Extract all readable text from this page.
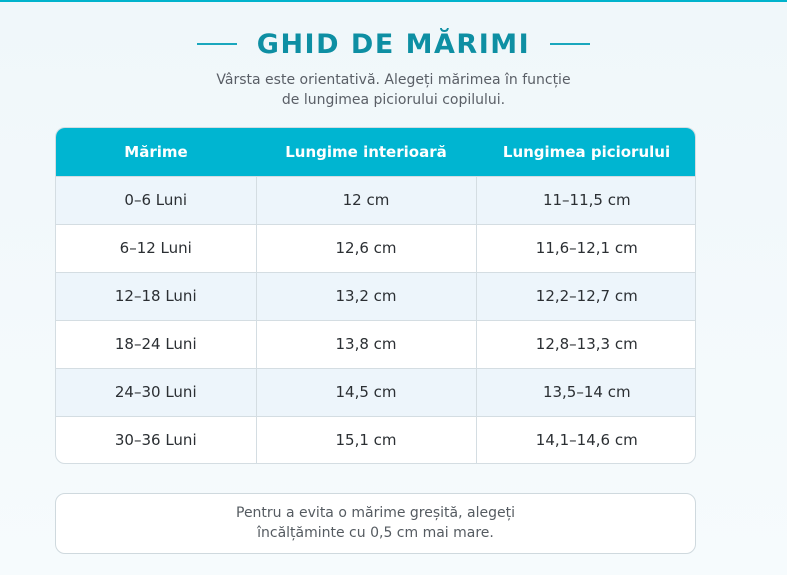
GHID DE MĂRIMI

Vârsta este orientativă. Alegeți mărimea în funcție
de lungimea piciorului copilului.

Mărime	Lungime interioară	Lungimea piciorului
0–6 Luni	12 cm	11–11,5 cm
6–12 Luni	12,6 cm	11,6–12,1 cm
12–18 Luni	13,2 cm	12,2–12,7 cm
18–24 Luni	13,8 cm	12,8–13,3 cm
24–30 Luni	14,5 cm	13,5–14 cm
30–36 Luni	15,1 cm	14,1–14,6 cm
Pentru a evita o mărime greșită, alegeți
încălțăminte cu 0,5 cm mai mare.
